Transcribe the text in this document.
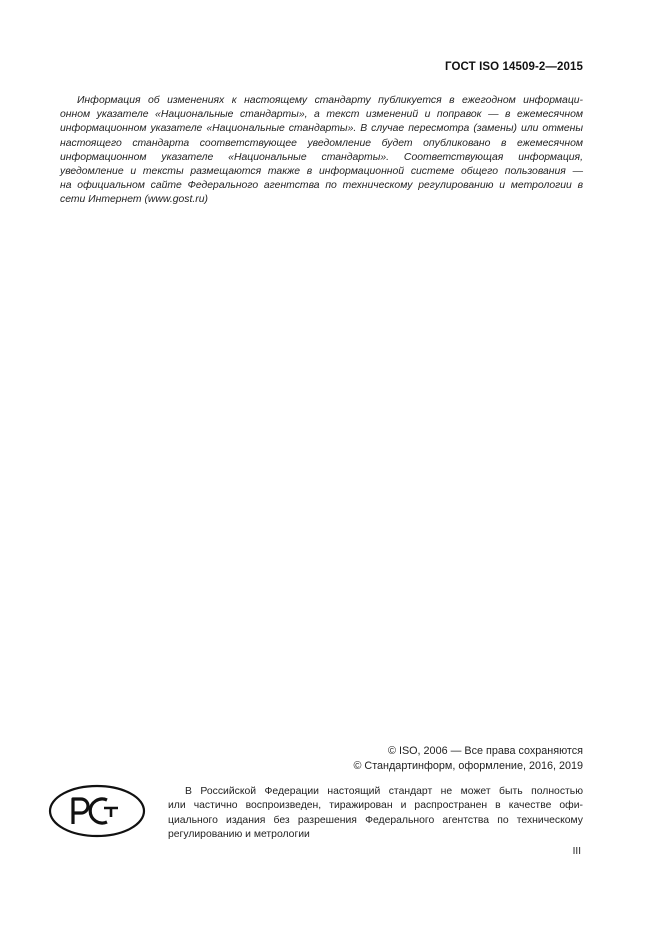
ГОСТ ISO 14509-2—2015
Информация об изменениях к настоящему стандарту публикуется в ежегодном информаци-
онном указателе «Национальные стандарты», а текст изменений и поправок — в ежемесячном
информационном указателе «Национальные стандарты». В случае пересмотра (замены) или отмены
настоящего стандарта соответствующее уведомление будет опубликовано в ежемесячном
информационном указателе «Национальные стандарты». Соответствующая информация,
уведомление и тексты размещаются также в информационной системе общего пользования —
на официальном сайте Федерального агентства по техническому регулированию и метрологии в
сети Интернет (www.gost.ru)
© ISO, 2006 — Все права сохраняются
© Стандартинформ, оформление, 2016, 2019
В Российской Федерации настоящий стандарт не может быть полностью
или частично воспроизведен, тиражирован и распространен в качестве офи-
циального издания без разрешения Федерального агентства по техническому
регулированию и метрологии
III
